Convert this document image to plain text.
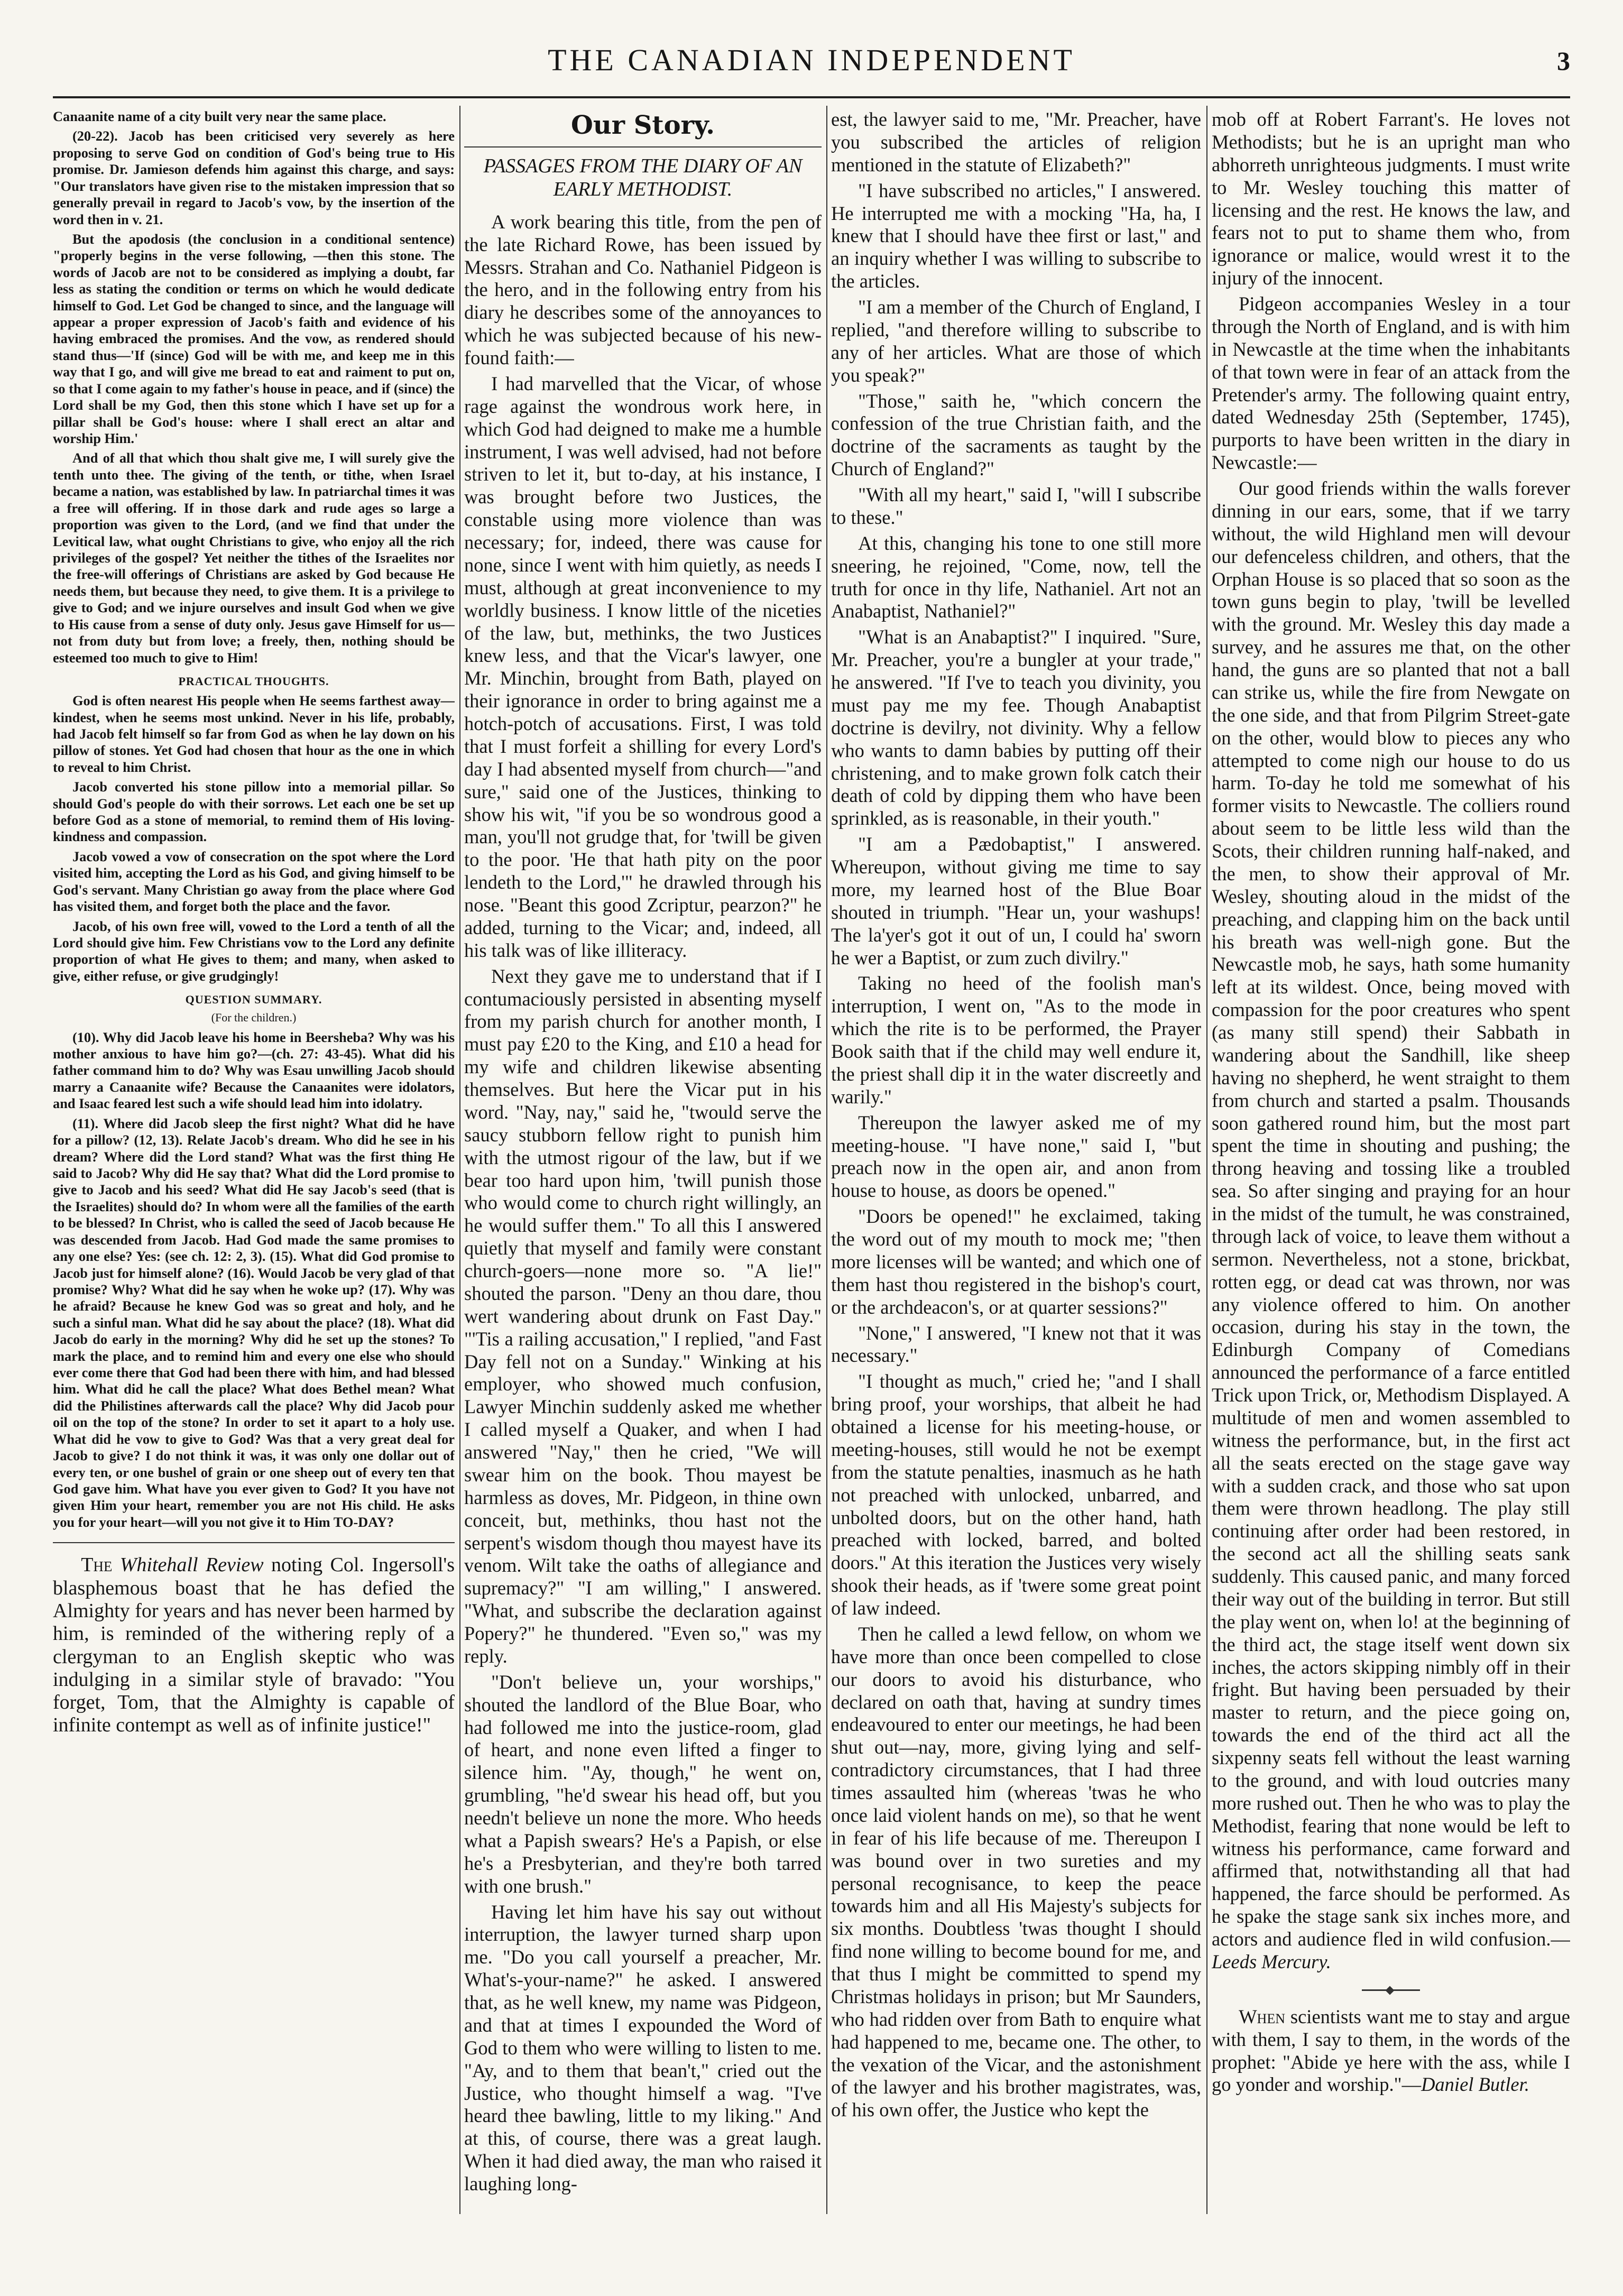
THE CANADIAN INDEPENDENT	3

Canaanite name of a city built very near the same place.

(20-22). Jacob has been criticised very severely as here proposing to serve God on condition of God's being true to His promise. Dr. Jamieson defends him against this charge, and says: "Our translators have given rise to the mistaken impression that so generally prevail in regard to Jacob's vow, by the insertion of the word then in v. 21.

But the apodosis (the conclusion in a conditional sentence) "properly begins in the verse following, —then this stone. The words of Jacob are not to be considered as implying a doubt, far less as stating the condition or terms on which he would dedicate himself to God. Let God be changed to since, and the language will appear a proper expression of Jacob's faith and evidence of his having embraced the promises. And the vow, as rendered should stand thus—'If (since) God will be with me, and keep me in this way that I go, and will give me bread to eat and raiment to put on, so that I come again to my father's house in peace, and if (since) the Lord shall be my God, then this stone which I have set up for a pillar shall be God's house: where I shall erect an altar and worship Him.'

And of all that which thou shalt give me, I will surely give the tenth unto thee. The giving of the tenth, or tithe, when Israel became a nation, was established by law. In patriarchal times it was a free will offering. If in those dark and rude ages so large a proportion was given to the Lord, (and we find that under the Levitical law, what ought Christians to give, who enjoy all the rich privileges of the gospel? Yet neither the tithes of the Israelites nor the free-will offerings of Christians are asked by God because He needs them, but because they need, to give them. It is a privilege to give to God; and we injure ourselves and insult God when we give to His cause from a sense of duty only. Jesus gave Himself for us—not from duty but from love; a freely, then, nothing should be esteemed too much to give to Him!

PRACTICAL THOUGHTS.

God is often nearest His people when He seems farthest away—kindest, when he seems most unkind. Never in his life, probably, had Jacob felt himself so far from God as when he lay down on his pillow of stones. Yet God had chosen that hour as the one in which to reveal to him Christ.

Jacob converted his stone pillow into a memorial pillar. So should God's people do with their sorrows. Let each one be set up before God as a stone of memorial, to remind them of His loving-kindness and compassion.

Jacob vowed a vow of consecration on the spot where the Lord visited him, accepting the Lord as his God, and giving himself to be God's servant. Many Christian go away from the place where God has visited them, and forget both the place and the favor.

Jacob, of his own free will, vowed to the Lord a tenth of all the Lord should give him. Few Christians vow to the Lord any definite proportion of what He gives to them; and many, when asked to give, either refuse, or give grudgingly!

QUESTION SUMMARY.

(For the children.)

(10). Why did Jacob leave his home in Beersheba? Why was his mother anxious to have him go?—(ch. 27: 43-45). What did his father command him to do? Why was Esau unwilling Jacob should marry a Canaanite wife? Because the Canaanites were idolators, and Isaac feared lest such a wife should lead him into idolatry.

(11). Where did Jacob sleep the first night? What did he have for a pillow? (12, 13). Relate Jacob's dream. Who did he see in his dream? Where did the Lord stand? What was the first thing He said to Jacob? Why did He say that? What did the Lord promise to give to Jacob and his seed? What did He say Jacob's seed (that is the Israelites) should do? In whom were all the families of the earth to be blessed? In Christ, who is called the seed of Jacob because He was descended from Jacob. Had God made the same promises to any one else? Yes: (see ch. 12: 2, 3). (15). What did God promise to Jacob just for himself alone? (16). Would Jacob be very glad of that promise? Why? What did he say when he woke up? (17). Why was he afraid? Because he knew God was so great and holy, and he such a sinful man. What did he say about the place? (18). What did Jacob do early in the morning? Why did he set up the stones? To mark the place, and to remind him and every one else who should ever come there that God had been there with him, and had blessed him. What did he call the place? What does Bethel mean? What did the Philistines afterwards call the place? Why did Jacob pour oil on the top of the stone? In order to set it apart to a holy use. What did he vow to give to God? Was that a very great deal for Jacob to give? I do not think it was, it was only one dollar out of every ten, or one bushel of grain or one sheep out of every ten that God gave him. What have you ever given to God? It you have not given Him your heart, remember you are not His child. He asks you for your heart—will you not give it to Him TO-DAY?

The Whitehall Review noting Col. Ingersoll's blasphemous boast that he has defied the Almighty for years and has never been harmed by him, is reminded of the withering reply of a clergyman to an English skeptic who was indulging in a similar style of bravado: "You forget, Tom, that the Almighty is capable of infinite contempt as well as of infinite justice!"

Our Story.

PASSAGES FROM THE DIARY OF AN EARLY METHODIST.

A work bearing this title, from the pen of the late Richard Rowe, has been issued by Messrs. Strahan and Co. Nathaniel Pidgeon is the hero, and in the following entry from his diary he describes some of the annoyances to which he was subjected because of his new-found faith:—

I had marvelled that the Vicar, of whose rage against the wondrous work here, in which God had deigned to make me a humble instrument, I was well advised, had not before striven to let it, but to-day, at his instance, I was brought before two Justices, the constable using more violence than was necessary; for, indeed, there was cause for none, since I went with him quietly, as needs I must, although at great inconvenience to my worldly business. I know little of the niceties of the law, but, methinks, the two Justices knew less, and that the Vicar's lawyer, one Mr. Minchin, brought from Bath, played on their ignorance in order to bring against me a hotch-potch of accusations. First, I was told that I must forfeit a shilling for every Lord's day I had absented myself from church—"and sure," said one of the Justices, thinking to show his wit, "if you be so wondrous good a man, you'll not grudge that, for 'twill be given to the poor. 'He that hath pity on the poor lendeth to the Lord,'" he drawled through his nose. "Beant this good Zcriptur, pearzon?" he added, turning to the Vicar; and, indeed, all his talk was of like illiteracy.

Next they gave me to understand that if I contumaciously persisted in absenting myself from my parish church for another month, I must pay £20 to the King, and £10 a head for my wife and children likewise absenting themselves. But here the Vicar put in his word. "Nay, nay," said he, "twould serve the saucy stubborn fellow right to punish him with the utmost rigour of the law, but if we bear too hard upon him, 'twill punish those who would come to church right willingly, an he would suffer them." To all this I answered quietly that myself and family were constant church-goers—none more so. "A lie!" shouted the parson. "Deny an thou dare, thou wert wandering about drunk on Fast Day." "'Tis a railing accusation," I replied, "and Fast Day fell not on a Sunday." Winking at his employer, who showed much confusion, Lawyer Minchin suddenly asked me whether I called myself a Quaker, and when I had answered "Nay," then he cried, "We will swear him on the book. Thou mayest be harmless as doves, Mr. Pidgeon, in thine own conceit, but, methinks, thou hast not the serpent's wisdom though thou mayest have its venom. Wilt take the oaths of allegiance and supremacy?" "I am willing," I answered. "What, and subscribe the declaration against Popery?" he thundered. "Even so," was my reply.

"Don't believe un, your worships," shouted the landlord of the Blue Boar, who had followed me into the justice-room, glad of heart, and none even lifted a finger to silence him. "Ay, though," he went on, grumbling, "he'd swear his head off, but you needn't believe un none the more. Who heeds what a Papish swears? He's a Papish, or else he's a Presbyterian, and they're both tarred with one brush."

Having let him have his say out without interruption, the lawyer turned sharp upon me. "Do you call yourself a preacher, Mr. What's-your-name?" he asked. I answered that, as he well knew, my name was Pidgeon, and that at times I expounded the Word of God to them who were willing to listen to me. "Ay, and to them that bean't," cried out the Justice, who thought himself a wag. "I've heard thee bawling, little to my liking." And at this, of course, there was a great laugh. When it had died away, the man who raised it laughing long-

est, the lawyer said to me, "Mr. Preacher, have you subscribed the articles of religion mentioned in the statute of Elizabeth?"

"I have subscribed no articles," I answered. He interrupted me with a mocking "Ha, ha, I knew that I should have thee first or last," and an inquiry whether I was willing to subscribe to the articles.

"I am a member of the Church of England, I replied, "and therefore willing to subscribe to any of her articles. What are those of which you speak?"

"Those," saith he, "which concern the confession of the true Christian faith, and the doctrine of the sacraments as taught by the Church of England?"

"With all my heart," said I, "will I subscribe to these."

At this, changing his tone to one still more sneering, he rejoined, "Come, now, tell the truth for once in thy life, Nathaniel. Art not an Anabaptist, Nathaniel?"

"What is an Anabaptist?" I inquired. "Sure, Mr. Preacher, you're a bungler at your trade," he answered. "If I've to teach you divinity, you must pay me my fee. Though Anabaptist doctrine is devilry, not divinity. Why a fellow who wants to damn babies by putting off their christening, and to make grown folk catch their death of cold by dipping them who have been sprinkled, as is reasonable, in their youth."

"I am a Pædobaptist," I answered. Whereupon, without giving me time to say more, my learned host of the Blue Boar shouted in triumph. "Hear un, your washups! The la'yer's got it out of un, I could ha' sworn he wer a Baptist, or zum zuch divilry."

Taking no heed of the foolish man's interruption, I went on, "As to the mode in which the rite is to be performed, the Prayer Book saith that if the child may well endure it, the priest shall dip it in the water discreetly and warily."

Thereupon the lawyer asked me of my meeting-house. "I have none," said I, "but preach now in the open air, and anon from house to house, as doors be opened."

"Doors be opened!" he exclaimed, taking the word out of my mouth to mock me; "then more licenses will be wanted; and which one of them hast thou registered in the bishop's court, or the archdeacon's, or at quarter sessions?"

"None," I answered, "I knew not that it was necessary."

"I thought as much," cried he; "and I shall bring proof, your worships, that albeit he had obtained a license for his meeting-house, or meeting-houses, still would he not be exempt from the statute penalties, inasmuch as he hath not preached with unlocked, unbarred, and unbolted doors, but on the other hand, hath preached with locked, barred, and bolted doors." At this iteration the Justices very wisely shook their heads, as if 'twere some great point of law indeed.

Then he called a lewd fellow, on whom we have more than once been compelled to close our doors to avoid his disturbance, who declared on oath that, having at sundry times endeavoured to enter our meetings, he had been shut out—nay, more, giving lying and self-contradictory circumstances, that I had three times assaulted him (whereas 'twas he who once laid violent hands on me), so that he went in fear of his life because of me. Thereupon I was bound over in two sureties and my personal recognisance, to keep the peace towards him and all His Majesty's subjects for six months. Doubtless 'twas thought I should find none willing to become bound for me, and that thus I might be committed to spend my Christmas holidays in prison; but Mr Saunders, who had ridden over from Bath to enquire what had happened to me, became one. The other, to the vexation of the Vicar, and the astonishment of the lawyer and his brother magistrates, was, of his own offer, the Justice who kept the

mob off at Robert Farrant's. He loves not Methodists; but he is an upright man who abhorreth unrighteous judgments. I must write to Mr. Wesley touching this matter of licensing and the rest. He knows the law, and fears not to put to shame them who, from ignorance or malice, would wrest it to the injury of the innocent.

Pidgeon accompanies Wesley in a tour through the North of England, and is with him in Newcastle at the time when the inhabitants of that town were in fear of an attack from the Pretender's army. The following quaint entry, dated Wednesday 25th (September, 1745), purports to have been written in the diary in Newcastle:—

Our good friends within the walls forever dinning in our ears, some, that if we tarry without, the wild Highland men will devour our defenceless children, and others, that the Orphan House is so placed that so soon as the town guns begin to play, 'twill be levelled with the ground. Mr. Wesley this day made a survey, and he assures me that, on the other hand, the guns are so planted that not a ball can strike us, while the fire from Newgate on the one side, and that from Pilgrim Street-gate on the other, would blow to pieces any who attempted to come nigh our house to do us harm. To-day he told me somewhat of his former visits to Newcastle. The colliers round about seem to be little less wild than the Scots, their children running half-naked, and the men, to show their approval of Mr. Wesley, shouting aloud in the midst of the preaching, and clapping him on the back until his breath was well-nigh gone. But the Newcastle mob, he says, hath some humanity left at its wildest. Once, being moved with compassion for the poor creatures who spent (as many still spend) their Sabbath in wandering about the Sandhill, like sheep having no shepherd, he went straight to them from church and started a psalm. Thousands soon gathered round him, but the most part spent the time in shouting and pushing; the throng heaving and tossing like a troubled sea. So after singing and praying for an hour in the midst of the tumult, he was constrained, through lack of voice, to leave them without a sermon. Nevertheless, not a stone, brickbat, rotten egg, or dead cat was thrown, nor was any violence offered to him. On another occasion, during his stay in the town, the Edinburgh Company of Comedians announced the performance of a farce entitled Trick upon Trick, or, Methodism Displayed. A multitude of men and women assembled to witness the performance, but, in the first act all the seats erected on the stage gave way with a sudden crack, and those who sat upon them were thrown headlong. The play still continuing after order had been restored, in the second act all the shilling seats sank suddenly. This caused panic, and many forced their way out of the building in terror. But still the play went on, when lo! at the beginning of the third act, the stage itself went down six inches, the actors skipping nimbly off in their fright. But having been persuaded by their master to return, and the piece going on, towards the end of the third act all the sixpenny seats fell without the least warning to the ground, and with loud outcries many more rushed out. Then he who was to play the Methodist, fearing that none would be left to witness his performance, came forward and affirmed that, notwithstanding all that had happened, the farce should be performed. As he spake the stage sank six inches more, and actors and audience fled in wild confusion.—Leeds Mercury.

When scientists want me to stay and argue with them, I say to them, in the words of the prophet: "Abide ye here with the ass, while I go yonder and worship."—Daniel Butler.
